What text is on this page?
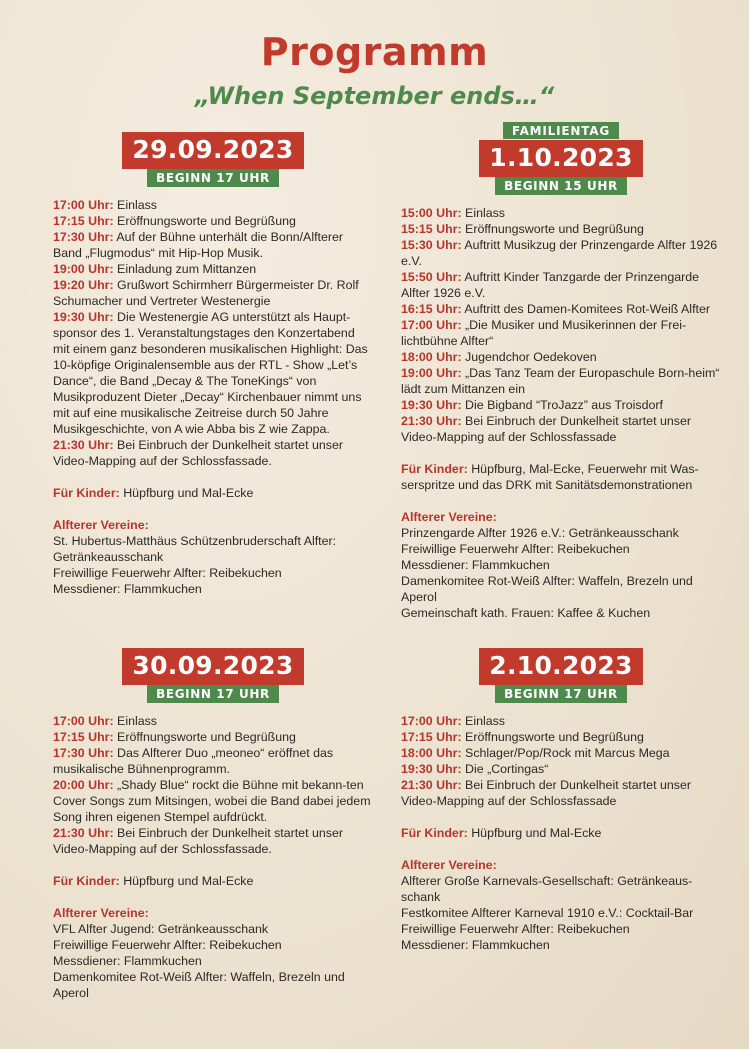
Programm
„When September ends…“
29.09.2023
BEGINN 17 UHR

17:00 Uhr: Einlass

17:15 Uhr: Eröffnungsworte und Begrüßung

17:30 Uhr: Auf der Bühne unterhält die Bonn/Alfterer Band „Flugmodus“ mit Hip-Hop Musik.

19:00 Uhr: Einladung zum Mittanzen

19:20 Uhr: Grußwort Schirmherr Bürgermeister Dr. Rolf Schumacher und Vertreter Westenergie

19:30 Uhr: Die Westenergie AG unterstützt als Haupt-sponsor des 1. Veranstaltungstages den Konzertabend mit einem ganz besonderen musikalischen Highlight: Das 10-köpfige Originalensemble aus der RTL - Show „Let’s Dance“, die Band „Decay & The ToneKings“ von Musikproduzent Dieter „Decay“ Kirchenbauer nimmt uns mit auf eine musikalische Zeitreise durch 50 Jahre Musikgeschichte, von A wie Abba bis Z wie Zappa.

21:30 Uhr: Bei Einbruch der Dunkelheit startet unser Video-Mapping auf der Schlossfassade.

Für Kinder: Hüpfburg und Mal-Ecke

Alfterer Vereine:

St. Hubertus-Matthäus Schützenbruderschaft Alfter: Getränkeausschank

Freiwillige Feuerwehr Alfter: Reibekuchen

Messdiener: Flammkuchen

FAMILIENTAG
1.10.2023
BEGINN 15 UHR

15:00 Uhr: Einlass

15:15 Uhr: Eröffnungsworte und Begrüßung

15:30 Uhr: Auftritt Musikzug der Prinzengarde Alfter 1926 e.V.

15:50 Uhr: Auftritt Kinder Tanzgarde der Prinzengarde Alfter 1926 e.V.

16:15 Uhr: Auftritt des Damen-Komitees Rot-Weiß Alfter

17:00 Uhr: „Die Musiker und Musikerinnen der Frei-lichtbühne Alfter“

18:00 Uhr: Jugendchor Oedekoven

19:00 Uhr: „Das Tanz Team der Europaschule Born-heim“ lädt zum Mittanzen ein

19:30 Uhr: Die Bigband “TroJazz” aus Troisdorf

21:30 Uhr: Bei Einbruch der Dunkelheit startet unser Video-Mapping auf der Schlossfassade

Für Kinder: Hüpfburg, Mal-Ecke, Feuerwehr mit Was-serspritze und das DRK mit Sanitätsdemonstrationen

Alfterer Vereine:

Prinzengarde Alfter 1926 e.V.: Getränkeausschank

Freiwillige Feuerwehr Alfter: Reibekuchen

Messdiener: Flammkuchen

Damenkomitee Rot-Weiß Alfter: Waffeln, Brezeln und Aperol

Gemeinschaft kath. Frauen: Kaffee & Kuchen

30.09.2023
BEGINN 17 UHR

17:00 Uhr: Einlass

17:15 Uhr: Eröffnungsworte und Begrüßung

17:30 Uhr: Das Alfterer Duo „meoneo“ eröffnet das musikalische Bühnenprogramm.

20:00 Uhr: „Shady Blue“ rockt die Bühne mit bekann-ten Cover Songs zum Mitsingen, wobei die Band dabei jedem Song ihren eigenen Stempel aufdrückt.

21:30 Uhr: Bei Einbruch der Dunkelheit startet unser Video-Mapping auf der Schlossfassade.

Für Kinder: Hüpfburg und Mal-Ecke

Alfterer Vereine:

VFL Alfter Jugend: Getränkeausschank

Freiwillige Feuerwehr Alfter: Reibekuchen

Messdiener: Flammkuchen

Damenkomitee Rot-Weiß Alfter: Waffeln, Brezeln und Aperol

2.10.2023
BEGINN 17 UHR

17:00 Uhr: Einlass

17:15 Uhr: Eröffnungsworte und Begrüßung

18:00 Uhr: Schlager/Pop/Rock mit Marcus Mega

19:30 Uhr: Die „Cortingas“

21:30 Uhr: Bei Einbruch der Dunkelheit startet unser Video-Mapping auf der Schlossfassade

Für Kinder: Hüpfburg und Mal-Ecke

Alfterer Vereine:

Alfterer Große Karnevals-Gesellschaft: Getränkeaus-schank

Festkomitee Alfterer Karneval 1910 e.V.: Cocktail-Bar

Freiwillige Feuerwehr Alfter: Reibekuchen

Messdiener: Flammkuchen
